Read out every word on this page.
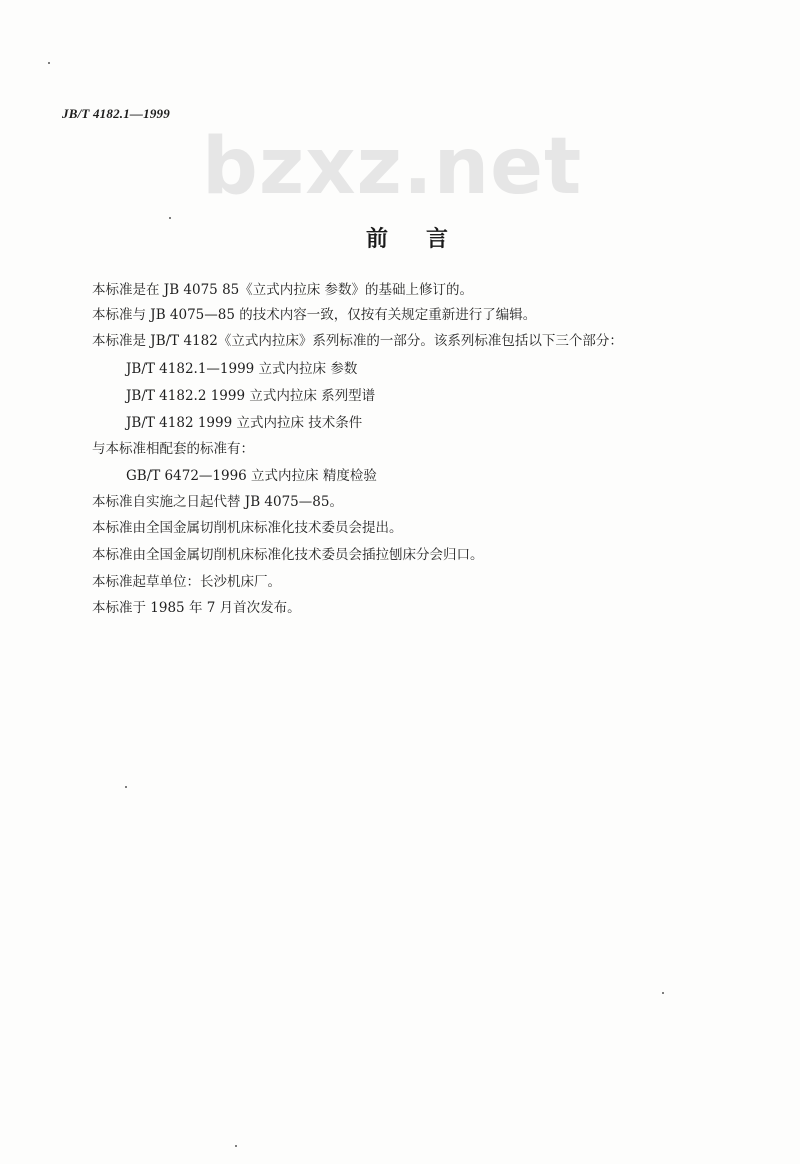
JB/T 4182.1—1999
bzxz.net
前言
本标准是在 JB 4075 85《立式内拉床 参数》的基础上修订的。
本标准与 JB 4075—85 的技术内容一致，仅按有关规定重新进行了编辑。
本标准是 JB/T 4182《立式内拉床》系列标准的一部分。该系列标准包括以下三个部分：
JB/T 4182.1—1999 立式内拉床 参数
JB/T 4182.2 1999 立式内拉床 系列型谱
JB/T 4182 1999 立式内拉床 技术条件
与本标准相配套的标准有：
GB/T 6472—1996 立式内拉床 精度检验
本标准自实施之日起代替 JB 4075—85。
本标准由全国金属切削机床标准化技术委员会提出。
本标准由全国金属切削机床标准化技术委员会插拉刨床分会归口。
本标准起草单位：长沙机床厂。
本标准于 1985 年 7 月首次发布。
